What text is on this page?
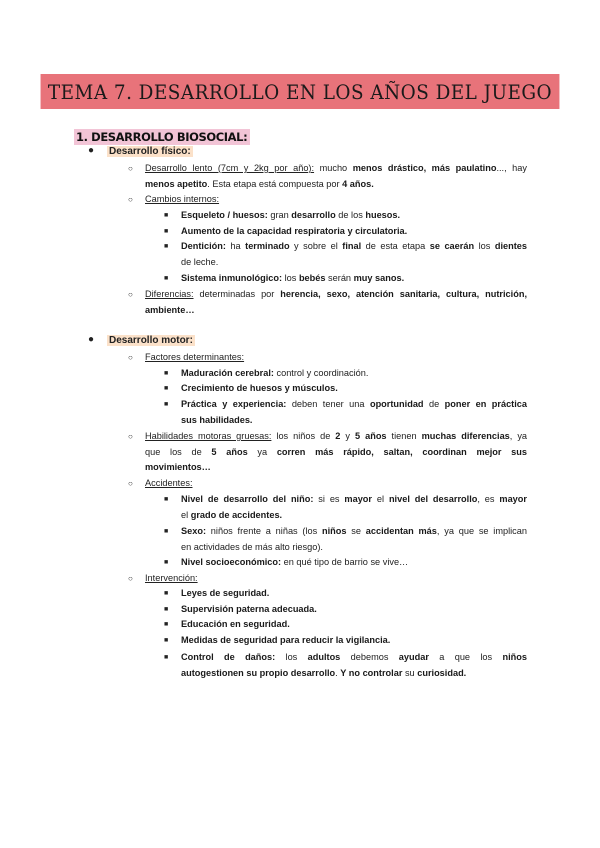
TEMA 7. DESARROLLO EN LOS AÑOS DEL JUEGO
1. DESARROLLO BIOSOCIAL:
● Desarrollo físico:
○ Desarrollo lento (7cm y 2kg por año): mucho menos drástico, más paulatino..., hay
menos apetito. Esta etapa está compuesta por 4 años.
○ Cambios internos:
■ Esqueleto / huesos: gran desarrollo de los huesos.
■ Aumento de la capacidad respiratoria y circulatoria.
■ Dentición: ha terminado y sobre el final de esta etapa se caerán los dientes
de leche.
■ Sistema inmunológico: los bebés serán muy sanos.
○ Diferencias: determinadas por herencia, sexo, atención sanitaria, cultura, nutrición,
ambiente…
● Desarrollo motor:
○ Factores determinantes:
■ Maduración cerebral: control y coordinación.
■ Crecimiento de huesos y músculos.
■ Práctica y experiencia: deben tener una oportunidad de poner en práctica
sus habilidades.
○ Habilidades motoras gruesas: los niños de 2 y 5 años tienen muchas diferencias, ya
que los de 5 años ya corren más rápido, saltan, coordinan mejor sus
movimientos…
○ Accidentes:
■ Nivel de desarrollo del niño: si es mayor el nivel del desarrollo, es mayor
el grado de accidentes.
■ Sexo: niños frente a niñas (los niños se accidentan más, ya que se implican
en actividades de más alto riesgo).
■ Nivel socioeconómico: en qué tipo de barrio se vive…
○ Intervención:
■ Leyes de seguridad.
■ Supervisión paterna adecuada.
■ Educación en seguridad.
■ Medidas de seguridad para reducir la vigilancia.
■ Control de daños: los adultos debemos ayudar a que los niños
autogestionen su propio desarrollo. Y no controlar su curiosidad.
